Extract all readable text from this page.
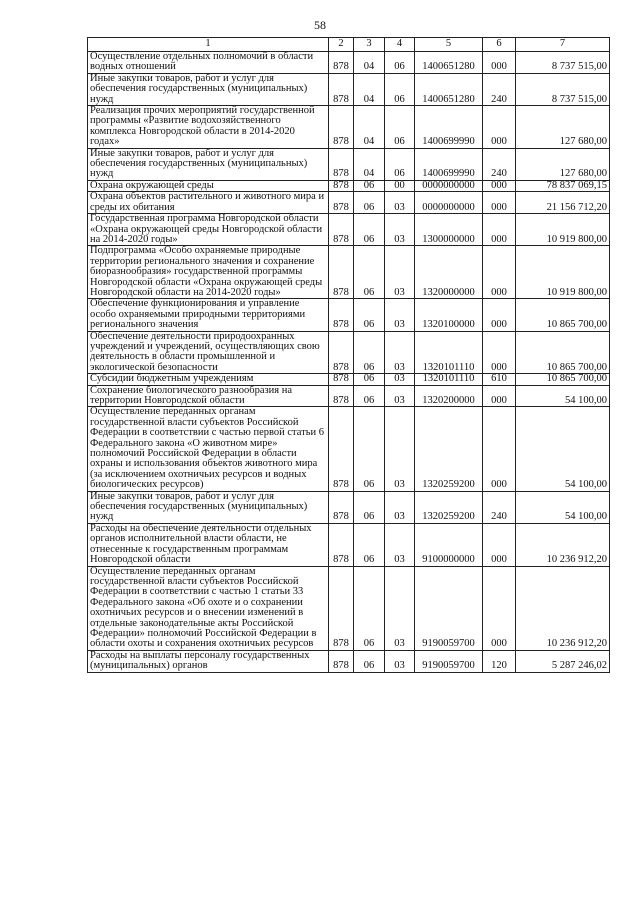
58
1	2	3	4	5	6	7
Осуществление отдельных полномочий в области водных отношений	878	04	06	1400651280	000	8 737 515,00
Иные закупки товаров, работ и услуг для обеспечения государственных (муниципальных) нужд	878	04	06	1400651280	240	8 737 515,00
Реализация прочих мероприятий государственной программы «Развитие водохозяйственного комплекса Новгородской области в 2014-2020 годах»	878	04	06	1400699990	000	127 680,00
Иные закупки товаров, работ и услуг для обеспечения государственных (муниципальных) нужд	878	04	06	1400699990	240	127 680,00
Охрана окружающей среды	878	06	00	0000000000	000	78 837 069,15
Охрана объектов растительного и животного мира и среды их обитания	878	06	03	0000000000	000	21 156 712,20
Государственная программа Новгородской области «Охрана окружающей среды Новгородской области на 2014-2020 годы»	878	06	03	1300000000	000	10 919 800,00
Подпрограмма «Особо охраняемые природные территории регионального значения и сохранение биоразнообразия» государственной программы Новгородской области «Охрана окружающей среды Новгородской области на 2014-2020 годы»	878	06	03	1320000000	000	10 919 800,00
Обеспечение функционирования и управление особо охраняемыми природными территориями регионального значения	878	06	03	1320100000	000	10 865 700,00
Обеспечение деятельности природоохранных учреждений и учреждений, осуществляющих свою деятельность в области промышленной и экологической безопасности	878	06	03	1320101110	000	10 865 700,00
Субсидии бюджетным учреждениям	878	06	03	1320101110	610	10 865 700,00
Сохранение биологического разнообразия на территории Новгородской области	878	06	03	1320200000	000	54 100,00
Осуществление переданных органам государственной власти субъектов Российской Федерации в соответствии с частью первой статьи 6 Федерального закона «О животном мире» полномочий Российской Федерации в области охраны и использования объектов животного мира (за исключением охотничьих ресурсов и водных биологических ресурсов)	878	06	03	1320259200	000	54 100,00
Иные закупки товаров, работ и услуг для обеспечения государственных (муниципальных) нужд	878	06	03	1320259200	240	54 100,00
Расходы на обеспечение деятельности отдельных органов исполнительной власти области, не отнесенные к государственным программам Новгородской области	878	06	03	9100000000	000	10 236 912,20
Осуществление переданных органам государственной власти субъектов Российской Федерации в соответствии с частью 1 статьи 33 Федерального закона «Об охоте и о сохранении охотничьих ресурсов и о внесении изменений в отдельные законодательные акты Российской Федерации» полномочий Российской Федерации в области охоты и сохранения охотничьих ресурсов	878	06	03	9190059700	000	10 236 912,20
Расходы на выплаты персоналу государственных (муниципальных) органов	878	06	03	9190059700	120	5 287 246,02
